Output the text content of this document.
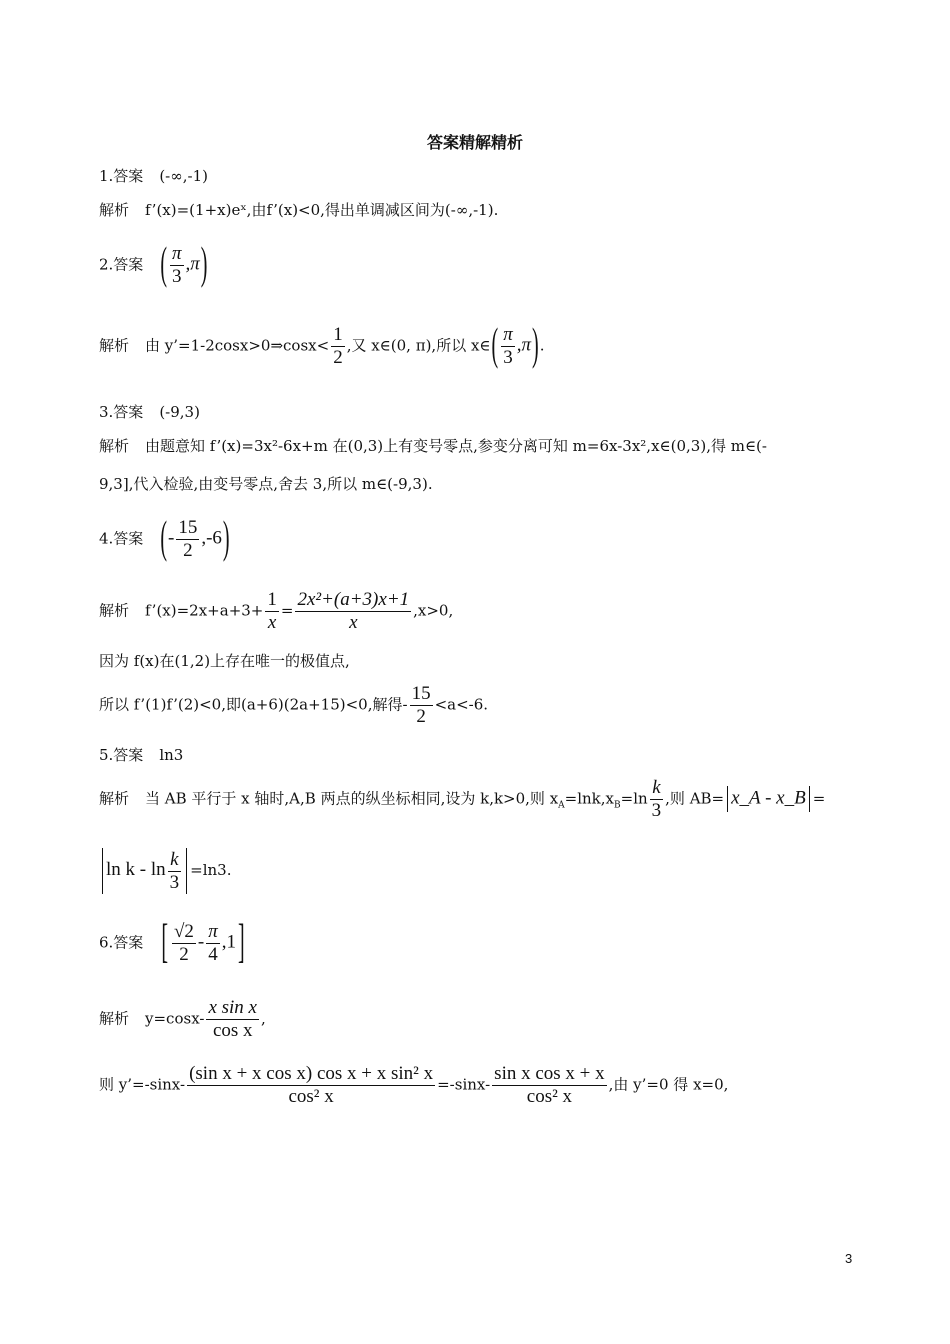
答案精解精析
1.答案 (-∞,-1)
解析 f’(x)=(1+x)eˣ,由f’(x)<0,得出单调减区间为(-∞,-1).
2.答案 ( $\frac{\pi}{3} ,\pi$)
解析 由 y’=1-2cosx>0⇒cosx< $\frac{1}{2}$ ,又 x∈(0, π),所以 x∈( $\frac{\pi}{3} ,\pi$).
3.答案 (-9,3)
解析 由题意知 f’(x)=3x²-6x+m 在(0,3)上有变号零点,参变分离可知 m=6x-3x²,x∈(0,3),得 m∈(-
9,3],代入检验,由变号零点,舍去 3,所以 m∈(-9,3).
4.答案 (- $\frac{15}{2} ,-6$)
解析 f’(x)=2x+a+3+ $\frac{1}{x} = \frac{\text{2x²+(a+3)x+1}}{x} ,x>0$,
因为 f(x)在(1,2)上存在唯一的极值点,
所以 f’(1)f’(2)<0,即(a+6)(2a+15)<0,解得- $\frac{15}{2} <a<-6$.
5.答案 ln3
解析 当 AB 平行于 x 轴时,A,B 两点的纵坐标相同,设为 k,k>0,则 $x_A=\ln k,x_B=\ln \frac{k}{3}$ ,则 AB= x_A - x_B =
$\ln k - \ln \frac{k}{3} =\ln 3$.
6.答案 [ $\frac{√2}{2} - \frac{\pi}{4} ,1$ ]
解析 $y=\cos x- \frac{\text{x sin x}}{\text{cos x}}$ ,
则 y’=-sinx- $\frac{\text{(sin x + x cos x) cos x + x sin² x}}{\text{cos² x}} =-\sin x- \frac{\text{sin x cos x + x}}{\text{cos² x}}$ ,由 y’=0 得 x=0,
3
